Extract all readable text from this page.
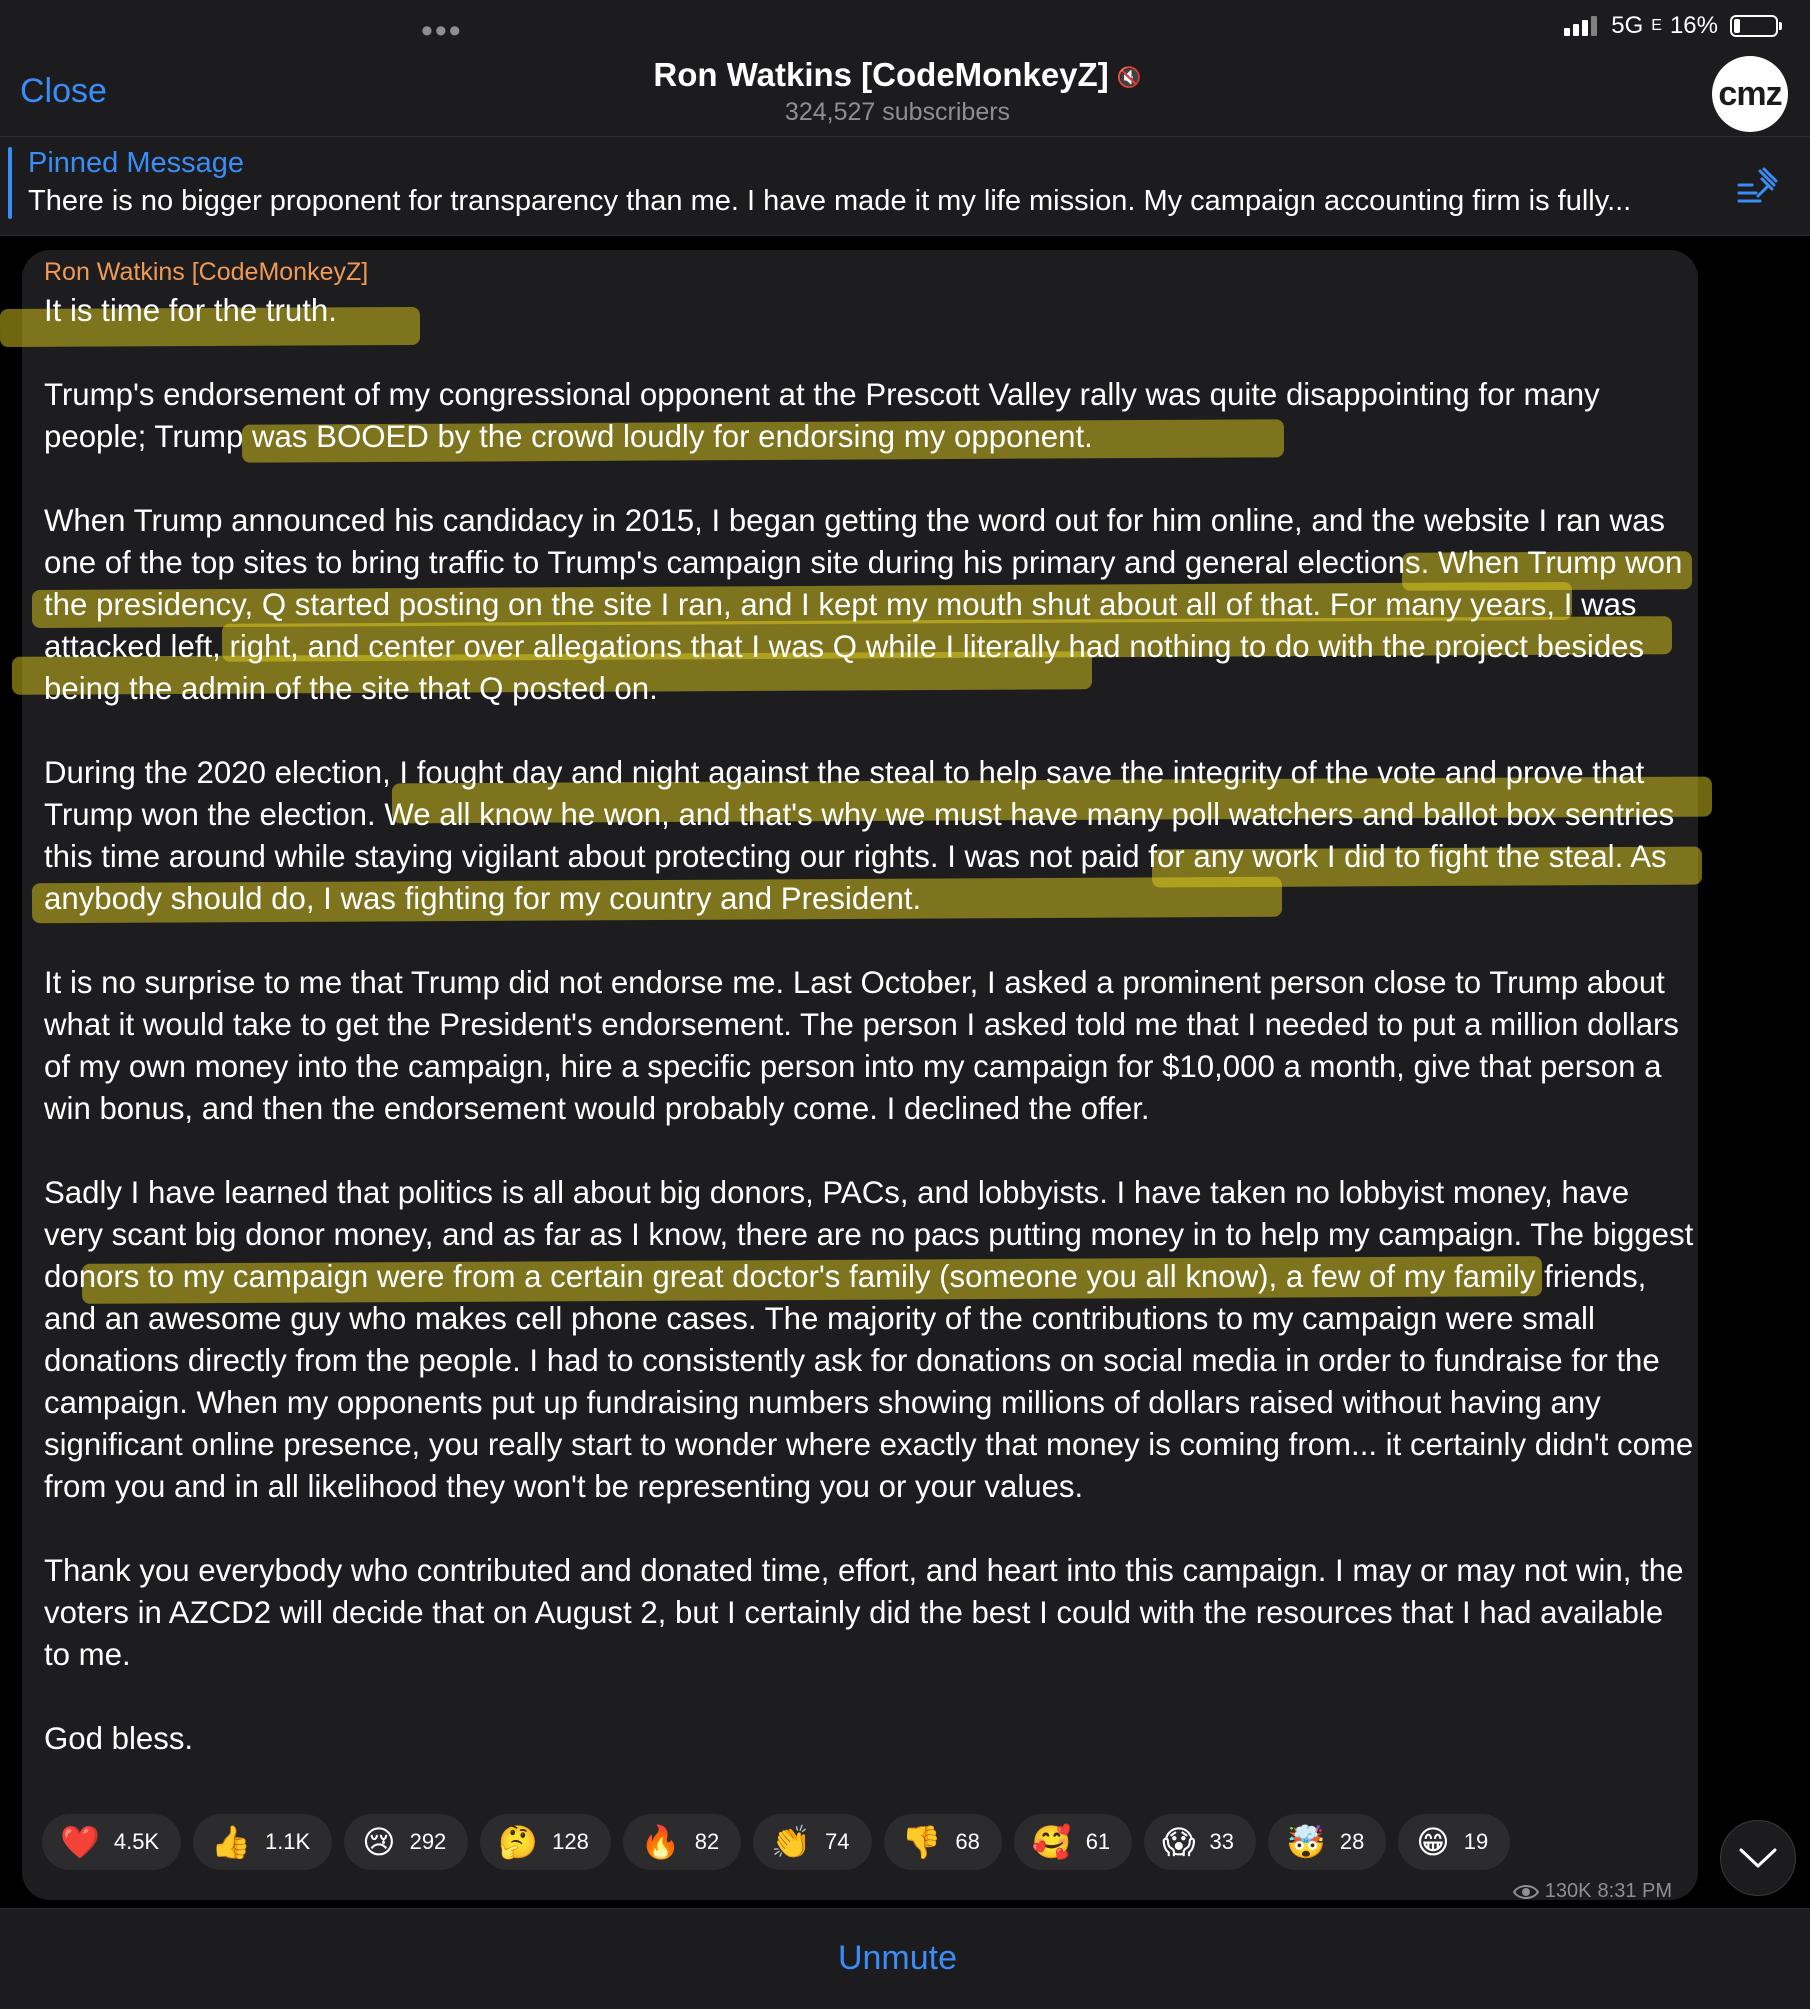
•••	5G E 16%
Close	Ron Watkins [CodeMonkeyZ] 🔇
324,527 subscribers	cmz
Pinned Message
There is no bigger proponent for transparency than me. I have made it my life mission. My campaign accounting firm is fully...
Ron Watkins [CodeMonkeyZ]

It is time for the truth.

Trump's endorsement of my congressional opponent at the Prescott Valley rally was quite disappointing for many people; Trump was BOOED by the crowd loudly for endorsing my opponent.

When Trump announced his candidacy in 2015, I began getting the word out for him online, and the website I ran was one of the top sites to bring traffic to Trump's campaign site during his primary and general elections. When Trump won the presidency, Q started posting on the site I ran, and I kept my mouth shut about all of that. For many years, I was attacked left, right, and center over allegations that I was Q while I literally had nothing to do with the project besides being the admin of the site that Q posted on.

During the 2020 election, I fought day and night against the steal to help save the integrity of the vote and prove that Trump won the election. We all know he won, and that's why we must have many poll watchers and ballot box sentries this time around while staying vigilant about protecting our rights. I was not paid for any work I did to fight the steal. As anybody should do, I was fighting for my country and President.

It is no surprise to me that Trump did not endorse me. Last October, I asked a prominent person close to Trump about what it would take to get the President's endorsement. The person I asked told me that I needed to put a million dollars of my own money into the campaign, hire a specific person into my campaign for $10,000 a month, give that person a win bonus, and then the endorsement would probably come. I declined the offer.

Sadly I have learned that politics is all about big donors, PACs, and lobbyists. I have taken no lobbyist money, have very scant big donor money, and as far as I know, there are no pacs putting money in to help my campaign. The biggest donors to my campaign were from a certain great doctor's family (someone you all know), a few of my family friends, and an awesome guy who makes cell phone cases. The majority of the contributions to my campaign were small donations directly from the people. I had to consistently ask for donations on social media in order to fundraise for the campaign. When my opponents put up fundraising numbers showing millions of dollars raised without having any significant online presence, you really start to wonder where exactly that money is coming from... it certainly didn't come from you and in all likelihood they won't be representing you or your values.

Thank you everybody who contributed and donated time, effort, and heart into this campaign. I may or may not win, the voters in AZCD2 will decide that on August 2, but I certainly did the best I could with the resources that I had available to me.

God bless.

❤️ 4.5K 👍 1.1K 😢 292 🤔 128 🔥 82 👏 74 👎 68 🥰 61 😱 33 🤯 28 😁 19
130K 8:31 PM
Unmute
